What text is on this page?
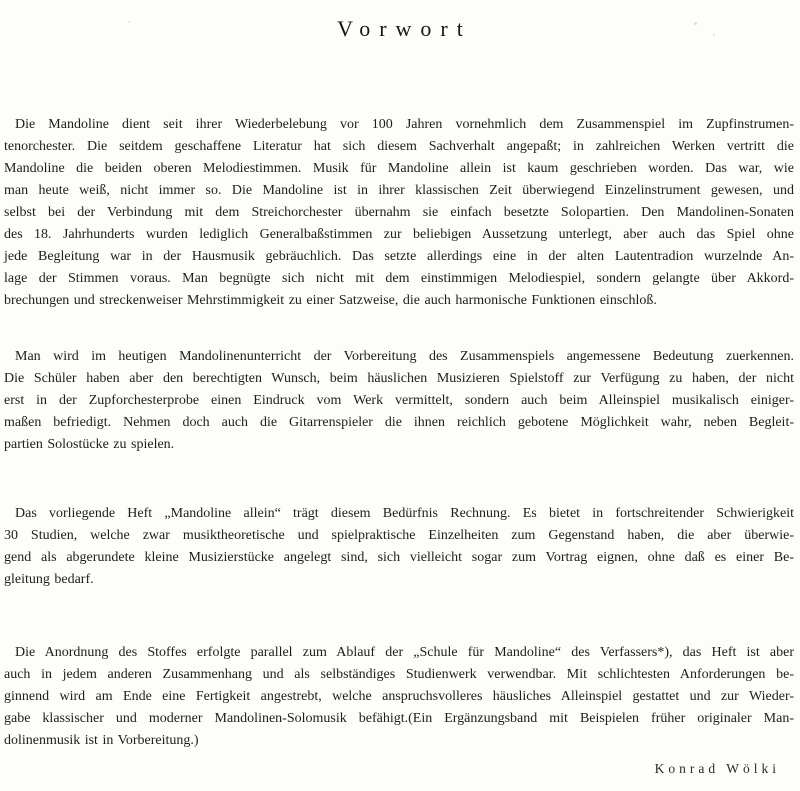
Vorwort
Die Mandoline dient seit ihrer Wiederbelebung vor 100 Jahren vornehmlich dem Zusammenspiel im Zupfinstrumen-
tenorchester. Die seitdem geschaffene Literatur hat sich diesem Sachverhalt angepaßt; in zahlreichen Werken vertritt die
Mandoline die beiden oberen Melodiestimmen. Musik für Mandoline allein ist kaum geschrieben worden. Das war, wie
man heute weiß, nicht immer so. Die Mandoline ist in ihrer klassischen Zeit überwiegend Einzelinstrument gewesen, und
selbst bei der Verbindung mit dem Streichorchester übernahm sie einfach besetzte Solopartien. Den Mandolinen-Sonaten
des 18. Jahrhunderts wurden lediglich Generalbaßstimmen zur beliebigen Aussetzung unterlegt, aber auch das Spiel ohne
jede Begleitung war in der Hausmusik gebräuchlich. Das setzte allerdings eine in der alten Lautentradion wurzelnde An-
lage der Stimmen voraus. Man begnügte sich nicht mit dem einstimmigen Melodiespiel, sondern gelangte über Akkord-
brechungen und streckenweiser Mehrstimmigkeit zu einer Satzweise, die auch harmonische Funktionen einschloß.
Man wird im heutigen Mandolinenunterricht der Vorbereitung des Zusammenspiels angemessene Bedeutung zuerkennen.
Die Schüler haben aber den berechtigten Wunsch, beim häuslichen Musizieren Spielstoff zur Verfügung zu haben, der nicht
erst in der Zupforchesterprobe einen Eindruck vom Werk vermittelt, sondern auch beim Alleinspiel musikalisch einiger-
maßen befriedigt. Nehmen doch auch die Gitarrenspieler die ihnen reichlich gebotene Möglichkeit wahr, neben Begleit-
partien Solostücke zu spielen.
Das vorliegende Heft „Mandoline allein“ trägt diesem Bedürfnis Rechnung. Es bietet in fortschreitender Schwierigkeit
30 Studien, welche zwar musiktheoretische und spielpraktische Einzelheiten zum Gegenstand haben, die aber überwie-
gend als abgerundete kleine Musizierstücke angelegt sind, sich vielleicht sogar zum Vortrag eignen, ohne daß es einer Be-
gleitung bedarf.
Die Anordnung des Stoffes erfolgte parallel zum Ablauf der „Schule für Mandoline“ des Verfassers*), das Heft ist aber
auch in jedem anderen Zusammenhang und als selbständiges Studienwerk verwendbar. Mit schlichtesten Anforderungen be-
ginnend wird am Ende eine Fertigkeit angestrebt, welche anspruchsvolleres häusliches Alleinspiel gestattet und zur Wieder-
gabe klassischer und moderner Mandolinen-Solomusik befähigt.(Ein Ergänzungsband mit Beispielen früher originaler Man-
dolinenmusik ist in Vorbereitung.)
Konrad Wölki
